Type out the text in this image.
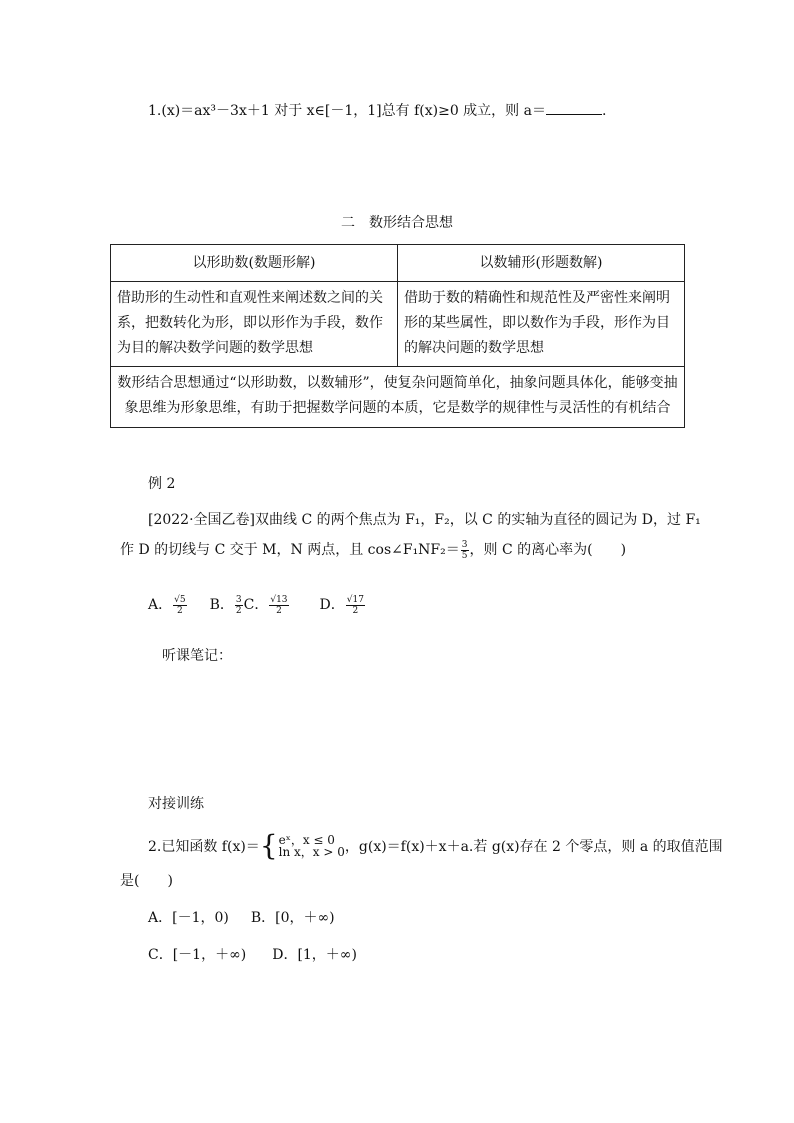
1.(x)＝ax³－3x＋1 对于 x∈[－1，1]总有 f(x)≥0 成立，则 a＝	.
二　数形结合思想
以形助数(数题形解)	以数辅形(形题数解)
借助形的生动性和直观性来阐述数之间的关系，把数转化为形，即以形作为手段，数作为目的解决数学问题的数学思想	借助于数的精确性和规范性及严密性来阐明形的某些属性，即以数作为手段，形作为目的解决问题的数学思想
数形结合思想通过“以形助数，以数辅形”，使复杂问题简单化，抽象问题具体化，能够变抽象思维为形象思维，有助于把握数学问题的本质，它是数学的规律性与灵活性的有机结合	
例 2
[2022·全国乙卷]双曲线 C 的两个焦点为 F₁，F₂，以 C 的实轴为直径的圆记为 D，过 F₁
作 D 的切线与 C 交于 M，N 两点，且 cos∠F₁NF₂＝ $\frac{3}{5}$ ，则 C 的离心率为(　　)
A． $\frac{√5}{2}$ B． $\frac{3}{2}$ C． $\frac{√13}{2}$ D． $\frac{√17}{2}$
听课笔记：
对接训练
2.已知函数 f(x)＝ { eˣ，x ≤ 0
ln x，x > 0 ，g(x)＝f(x)＋x＋a.若 g(x)存在 2 个零点，则 a 的取值范围
是(　　)
A．[－1，0) B．[0，＋∞)
C．[－1，＋∞) D．[1，＋∞)
